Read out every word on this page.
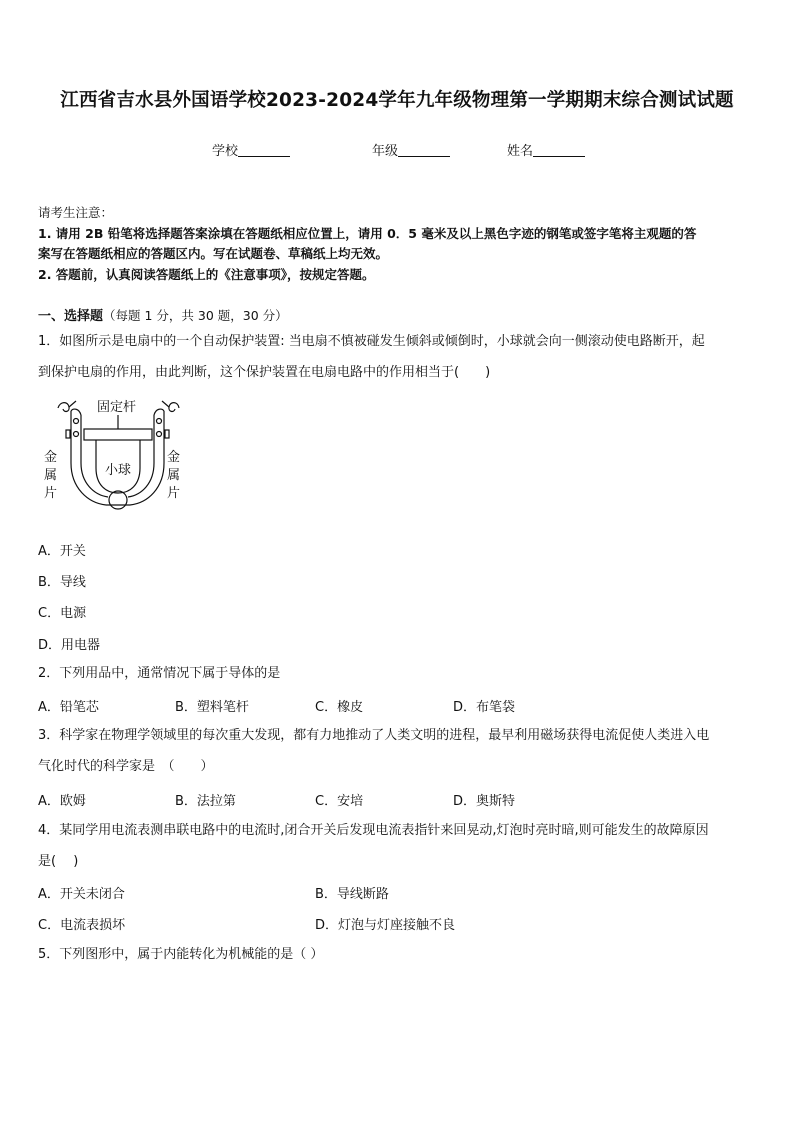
江西省吉水县外国语学校2023-2024学年九年级物理第一学期期末综合测试试题
学校	年级	姓名

请考生注意：

1. 请用 2B 铅笔将选择题答案涂填在答题纸相应位置上，请用 0．5 毫米及以上黑色字迹的钢笔或签字笔将主观题的答

案写在答题纸相应的答题区内。写在试题卷、草稿纸上均无效。

2. 答题前，认真阅读答题纸上的《注意事项》，按规定答题。

一、选择题（每题 1 分，共 30 题，30 分）
1．如图所示是电扇中的一个自动保护装置: 当电扇不慎被碰发生倾斜或倾倒时，小球就会向一侧滚动使电路断开，起
到保护电扇的作用，由此判断，这个保护装置在电扇电路中的作用相当于(　　)
固定杆
小球
金
属
片
金
属
片
A．开关
B．导线
C．电源
D．用电器
2．下列用品中，通常情况下属于导体的是
A．铅笔芯	B．塑料笔杆	C．橡皮	D．布笔袋
3．科学家在物理学领域里的每次重大发现，都有力地推动了人类文明的进程，最早利用磁场获得电流促使人类进入电
气化时代的科学家是　（　　）
A．欧姆	B．法拉第	C．安培	D．奥斯特
4．某同学用电流表测串联电路中的电流时,闭合开关后发现电流表指针来回晃动,灯泡时亮时暗,则可能发生的故障原因
是(　 )
A．开关未闭合	B．导线断路
C．电流表损坏	D．灯泡与灯座接触不良
5．下列图形中，属于内能转化为机械能的是（ ）
